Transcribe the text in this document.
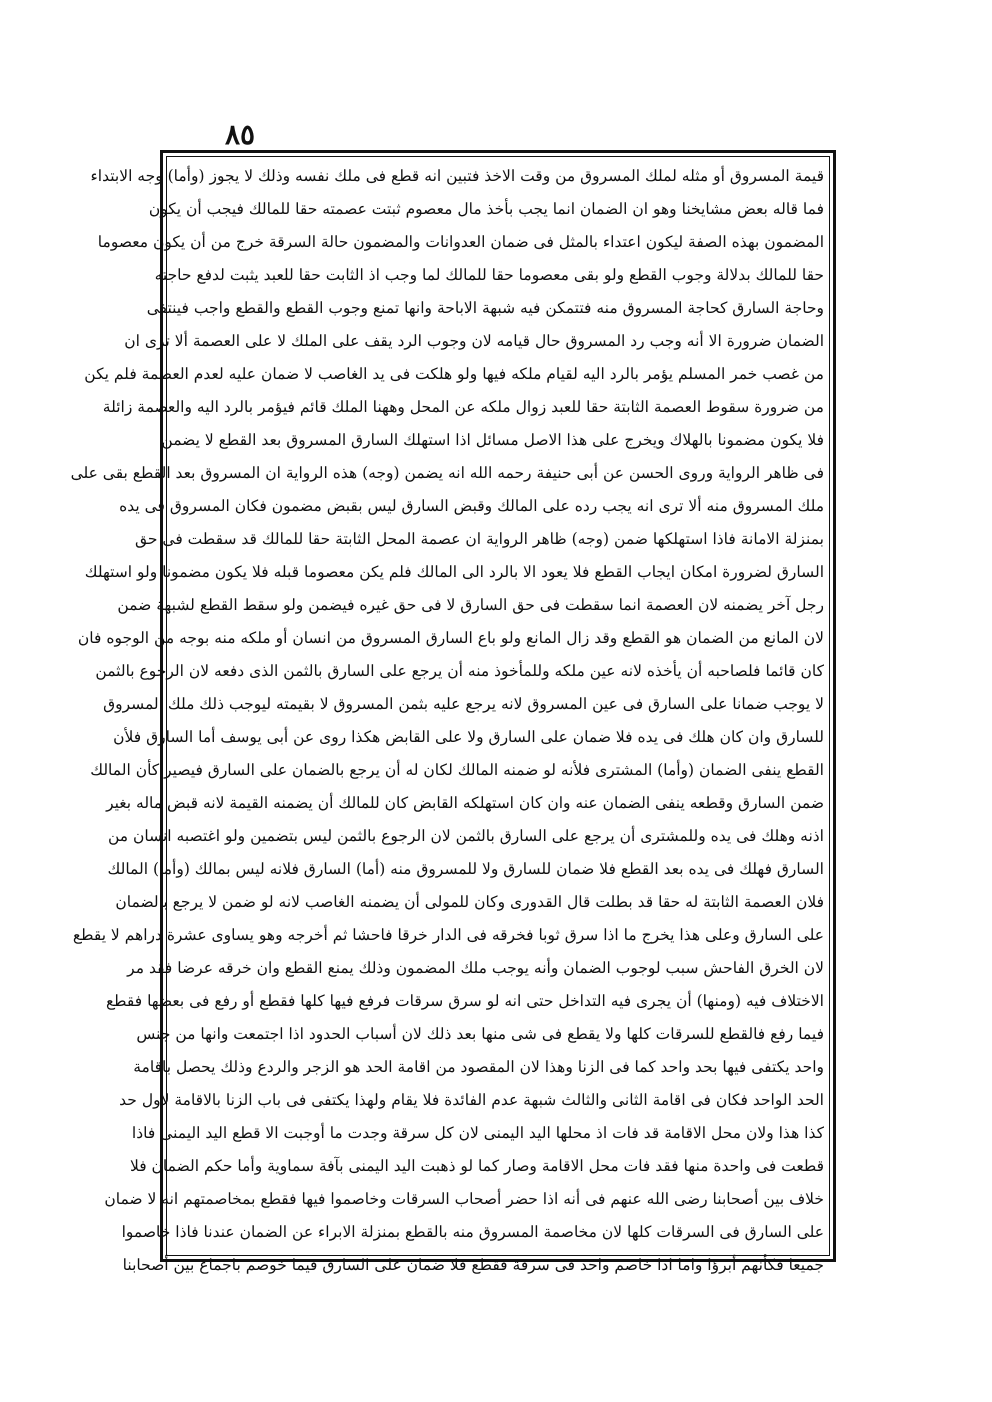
٨٥
قيمة المسروق أو مثله لملك المسروق من وقت الاخذ فتبين انه قطع فى ملك نفسه وذلك لا يجوز (وأما) وجه الابتداء
فما قاله بعض مشايخنا وهو ان الضمان انما يجب بأخذ مال معصوم ثبتت عصمته حقا للمالك فيجب أن يكون
المضمون بهذه الصفة ليكون اعتداء بالمثل فى ضمان العدوانات والمضمون حالة السرقة خرج من أن يكون معصوما
حقا للمالك بدلالة وجوب القطع ولو بقى معصوما حقا للمالك لما وجب اذ الثابت حقا للعبد يثبت لدفع حاجته
وحاجة السارق كحاجة المسروق منه فتتمكن فيه شبهة الاباحة وانها تمنع وجوب القطع والقطع واجب فينتفى
الضمان ضرورة الا أنه وجب رد المسروق حال قيامه لان وجوب الرد يقف على الملك لا على العصمة ألا ترى ان
من غصب خمر المسلم يؤمر بالرد اليه لقيام ملكه فيها ولو هلكت فى يد الغاصب لا ضمان عليه لعدم العصمة فلم يكن
من ضرورة سقوط العصمة الثابتة حقا للعبد زوال ملكه عن المحل وههنا الملك قائم فيؤمر بالرد اليه والعصمة زائلة
فلا يكون مضمونا بالهلاك ويخرج على هذا الاصل مسائل اذا استهلك السارق المسروق بعد القطع لا يضمن
فى ظاهر الرواية وروى الحسن عن أبى حنيفة رحمه الله انه يضمن (وجه) هذه الرواية ان المسروق بعد القطع بقى على
ملك المسروق منه ألا ترى انه يجب رده على المالك وقبض السارق ليس بقبض مضمون فكان المسروق فى يده
بمنزلة الامانة فاذا استهلكها ضمن (وجه) ظاهر الرواية ان عصمة المحل الثابتة حقا للمالك قد سقطت فى حق
السارق لضرورة امكان ايجاب القطع فلا يعود الا بالرد الى المالك فلم يكن معصوما قبله فلا يكون مضمونا ولو استهلك
رجل آخر يضمنه لان العصمة انما سقطت فى حق السارق لا فى حق غيره فيضمن ولو سقط القطع لشبهة ضمن
لان المانع من الضمان هو القطع وقد زال المانع ولو باع السارق المسروق من انسان أو ملكه منه بوجه من الوجوه فان
كان قائما فلصاحبه أن يأخذه لانه عين ملكه وللمأخوذ منه أن يرجع على السارق بالثمن الذى دفعه لان الرجوع بالثمن
لا يوجب ضمانا على السارق فى عين المسروق لانه يرجع عليه بثمن المسروق لا بقيمته ليوجب ذلك ملك المسروق
للسارق وان كان هلك فى يده فلا ضمان على السارق ولا على القابض هكذا روى عن أبى يوسف أما السارق فلأن
القطع ينفى الضمان (وأما) المشترى فلأنه لو ضمنه المالك لكان له أن يرجع بالضمان على السارق فيصير كأن المالك
ضمن السارق وقطعه ينفى الضمان عنه وان كان استهلكه القابض كان للمالك أن يضمنه القيمة لانه قبض ماله بغير
اذنه وهلك فى يده وللمشترى أن يرجع على السارق بالثمن لان الرجوع بالثمن ليس بتضمين ولو اغتصبه انسان من
السارق فهلك فى يده بعد القطع فلا ضمان للسارق ولا للمسروق منه (أما) السارق فلانه ليس بمالك (وأما) المالك
فلان العصمة الثابتة له حقا قد بطلت قال القدورى وكان للمولى أن يضمنه الغاصب لانه لو ضمن لا يرجع بالضمان
على السارق وعلى هذا يخرج ما اذا سرق ثوبا فخرقه فى الدار خرقا فاحشا ثم أخرجه وهو يساوى عشرة دراهم لا يقطع
لان الخرق الفاحش سبب لوجوب الضمان وأنه يوجب ملك المضمون وذلك يمنع القطع وان خرقه عرضا فقد مر
الاختلاف فيه (ومنها) أن يجرى فيه التداخل حتى انه لو سرق سرقات فرفع فيها كلها فقطع أو رفع فى بعضها فقطع
فيما رفع فالقطع للسرقات كلها ولا يقطع فى شى منها بعد ذلك لان أسباب الحدود اذا اجتمعت وانها من جنس
واحد يكتفى فيها بحد واحد كما فى الزنا وهذا لان المقصود من اقامة الحد هو الزجر والردع وذلك يحصل باقامة
الحد الواحد فكان فى اقامة الثانى والثالث شبهة عدم الفائدة فلا يقام ولهذا يكتفى فى باب الزنا بالاقامة لاول حد
كذا هذا ولان محل الاقامة قد فات اذ محلها اليد اليمنى لان كل سرقة وجدت ما أوجبت الا قطع اليد اليمنى فاذا
قطعت فى واحدة منها فقد فات محل الاقامة وصار كما لو ذهبت اليد اليمنى بآفة سماوية وأما حكم الضمان فلا
خلاف بين أصحابنا رضى الله عنهم فى أنه اذا حضر أصحاب السرقات وخاصموا فيها فقطع بمخاصمتهم انه لا ضمان
على السارق فى السرقات كلها لان مخاصمة المسروق منه بالقطع بمنزلة الابراء عن الضمان عندنا فاذا خاصموا
جميعا فكأنهم أبرؤا واما اذا خاصم واحد فى سرقة فقطع فلا ضمان على السارق فيما خوصم باجماع بين أصحابنا
